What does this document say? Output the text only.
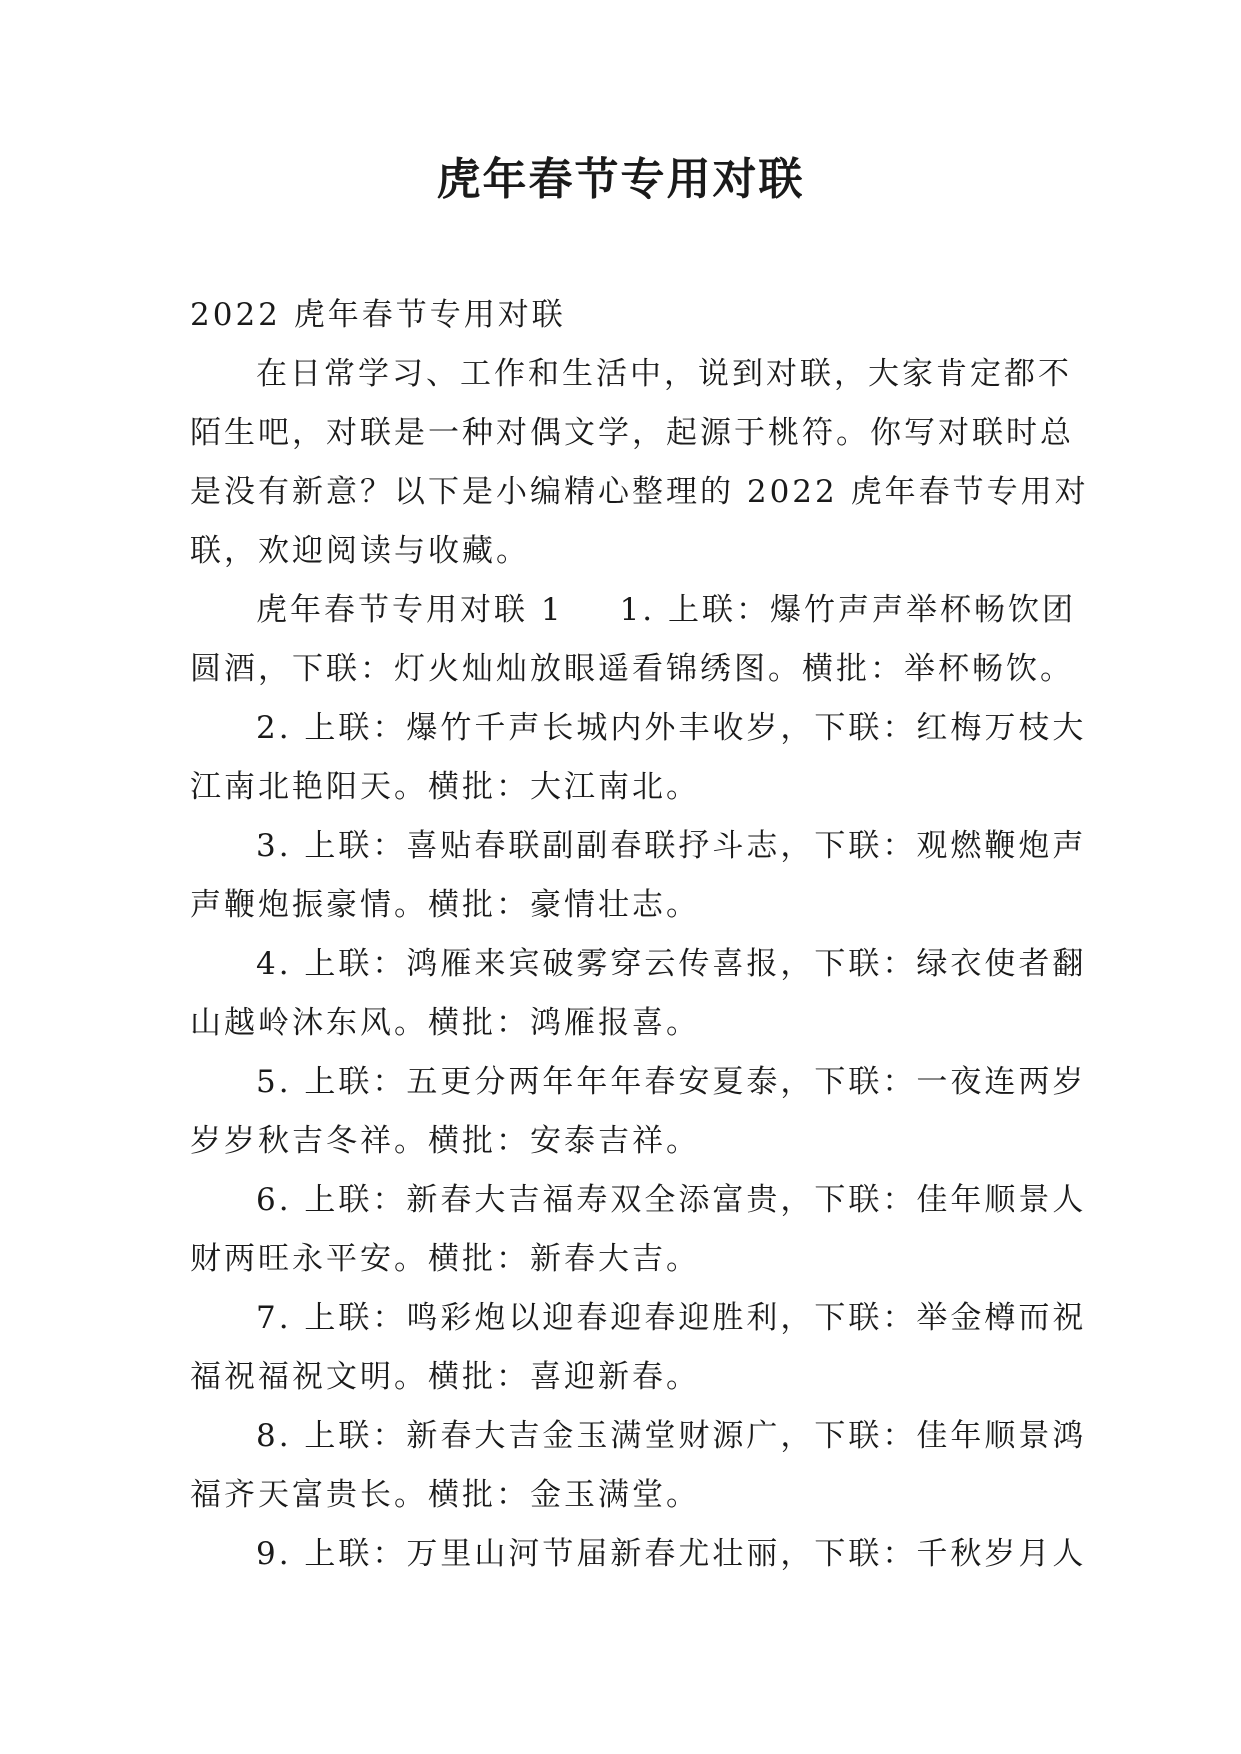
虎年春节专用对联

2022 虎年春节专用对联

在日常学习、工作和生活中，说到对联，大家肯定都不
陌生吧，对联是一种对偶文学，起源于桃符。你写对联时总
是没有新意？以下是小编精心整理的 2022 虎年春节专用对
联，欢迎阅读与收藏。

虎年春节专用对联 1 1. 上联：爆竹声声举杯畅饮团
圆酒，下联：灯火灿灿放眼遥看锦绣图。横批：举杯畅饮。

2. 上联：爆竹千声长城内外丰收岁，下联：红梅万枝大
江南北艳阳天。横批：大江南北。

3. 上联：喜贴春联副副春联抒斗志，下联：观燃鞭炮声
声鞭炮振豪情。横批：豪情壮志。

4. 上联：鸿雁来宾破雾穿云传喜报，下联：绿衣使者翻
山越岭沐东风。横批：鸿雁报喜。

5. 上联：五更分两年年年春安夏泰，下联：一夜连两岁
岁岁秋吉冬祥。横批：安泰吉祥。

6. 上联：新春大吉福寿双全添富贵，下联：佳年顺景人
财两旺永平安。横批：新春大吉。

7. 上联：鸣彩炮以迎春迎春迎胜利，下联：举金樽而祝
福祝福祝文明。横批：喜迎新春。

8. 上联：新春大吉金玉满堂财源广，下联：佳年顺景鸿
福齐天富贵长。横批：金玉满堂。

9. 上联：万里山河节届新春尤壮丽，下联：千秋岁月人
